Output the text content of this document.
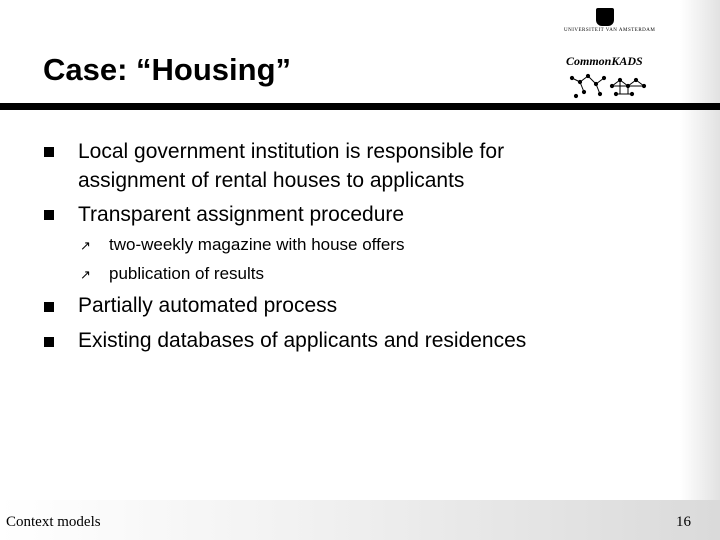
UNIVERSITEIT VAN AMSTERDAM
CommonKADS
Case: “Housing”
Local government institution is responsible for
assignment of rental houses to applicants
Transparent assignment procedure
↗ two-weekly magazine with house offers
↗ publication of results
Partially automated process
Existing databases of applicants and residences
Context models	16
